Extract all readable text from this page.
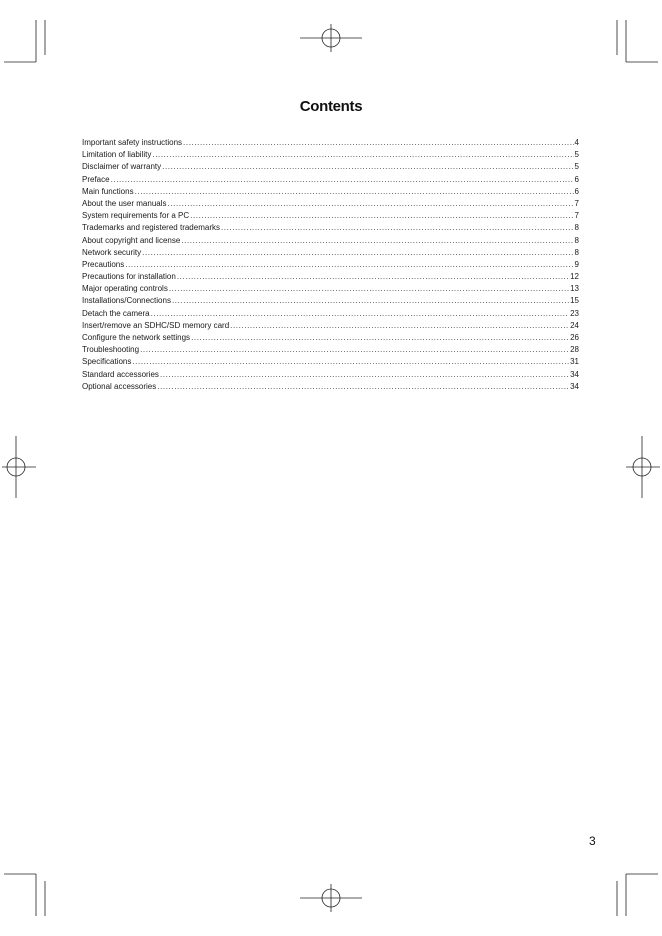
Contents
Important safety instructions .....	4
Limitation of liability .....	5
Disclaimer of warranty .....	5
Preface .....	6
Main functions .....	6
About the user manuals .....	7
System requirements for a PC .....	7
Trademarks and registered trademarks .....	8
About copyright and license .....	8
Network security .....	8
Precautions .....	9
Precautions for installation .....	12
Major operating controls .....	13
Installations/Connections .....	15
Detach the camera .....	23
Insert/remove an SDHC/SD memory card .....	24
Configure the network settings .....	26
Troubleshooting .....	28
Specifications .....	31
Standard accessories .....	34
Optional accessories .....	34
3
